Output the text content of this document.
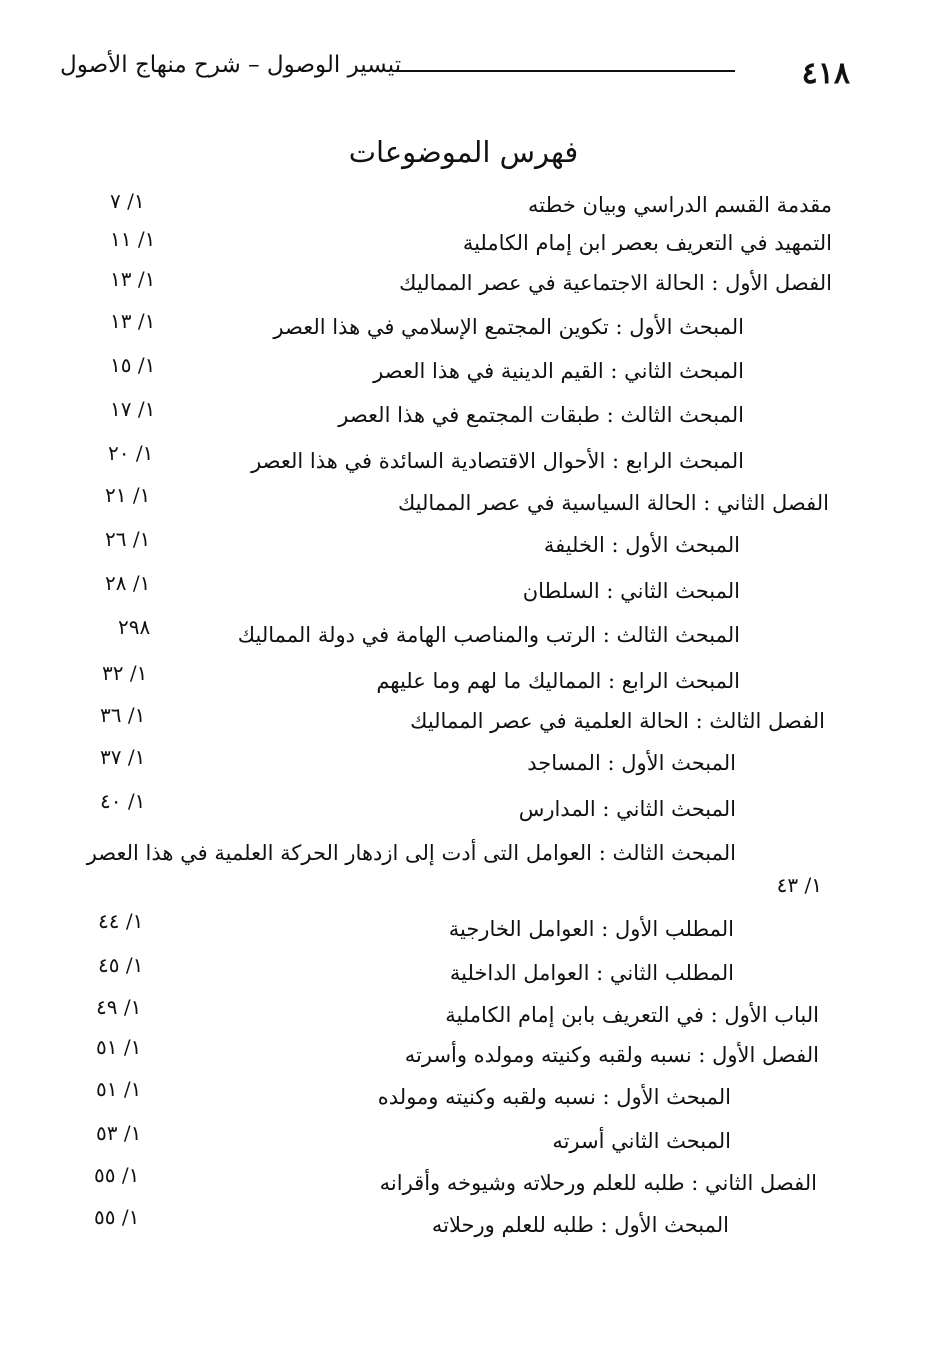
٤١٨
تيسير الوصول – شرح منهاج الأصول
فهرس الموضوعات
مقدمة القسم الدراسي وبيان خطته
١/ ٧
التمهيد في التعريف بعصر ابن إمام الكاملية
١/ ١١
الفصل الأول : الحالة الاجتماعية في عصر المماليك
١/ ١٣
المبحث الأول : تكوين المجتمع الإسلامي في هذا العصر
١/ ١٣
المبحث الثاني : القيم الدينية في هذا العصر
١/ ١٥
المبحث الثالث : طبقات المجتمع في هذا العصر
١/ ١٧
المبحث الرابع : الأحوال الاقتصادية السائدة في هذا العصر
١/ ٢٠
الفصل الثاني : الحالة السياسية في عصر المماليك
١/ ٢١
المبحث الأول : الخليفة
١/ ٢٦
المبحث الثاني : السلطان
١/ ٢٨
المبحث الثالث : الرتب والمناصب الهامة في دولة المماليك
٢٩٨
المبحث الرابع : المماليك ما لهم وما عليهم
١/ ٣٢
الفصل الثالث : الحالة العلمية في عصر المماليك
١/ ٣٦
المبحث الأول : المساجد
١/ ٣٧
المبحث الثاني : المدارس
١/ ٤٠
المبحث الثالث : العوامل التى أدت إلى ازدهار الحركة العلمية في هذا العصر
١/ ٤٣
المطلب الأول : العوامل الخارجية
١/ ٤٤
المطلب الثاني : العوامل الداخلية
١/ ٤٥
الباب الأول : في التعريف بابن إمام الكاملية
١/ ٤٩
الفصل الأول : نسبه ولقبه وكنيته ومولده وأسرته
١/ ٥١
المبحث الأول : نسبه ولقبه وكنيته ومولده
١/ ٥١
المبحث الثاني أسرته
١/ ٥٣
الفصل الثاني : طلبه للعلم ورحلاته وشيوخه وأقرانه
١/ ٥٥
المبحث الأول : طلبه للعلم ورحلاته
١/ ٥٥
